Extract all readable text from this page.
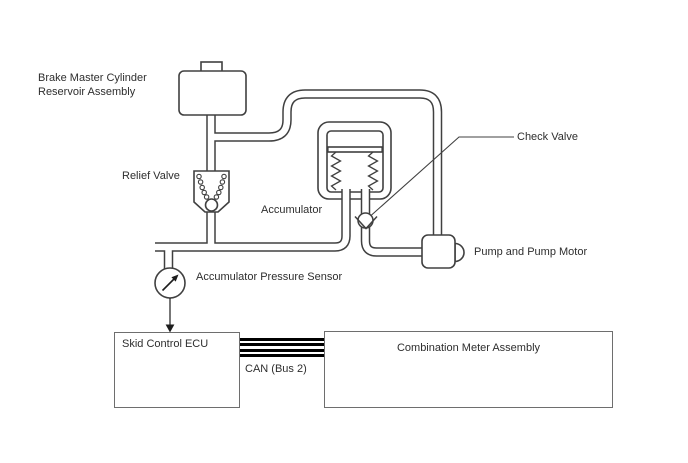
Brake Master Cylinder
Reservoir Assembly
Relief Valve
Accumulator
Check Valve
Pump and Pump Motor
Accumulator Pressure Sensor
Skid Control ECU
CAN (Bus 2)
Combination Meter Assembly
